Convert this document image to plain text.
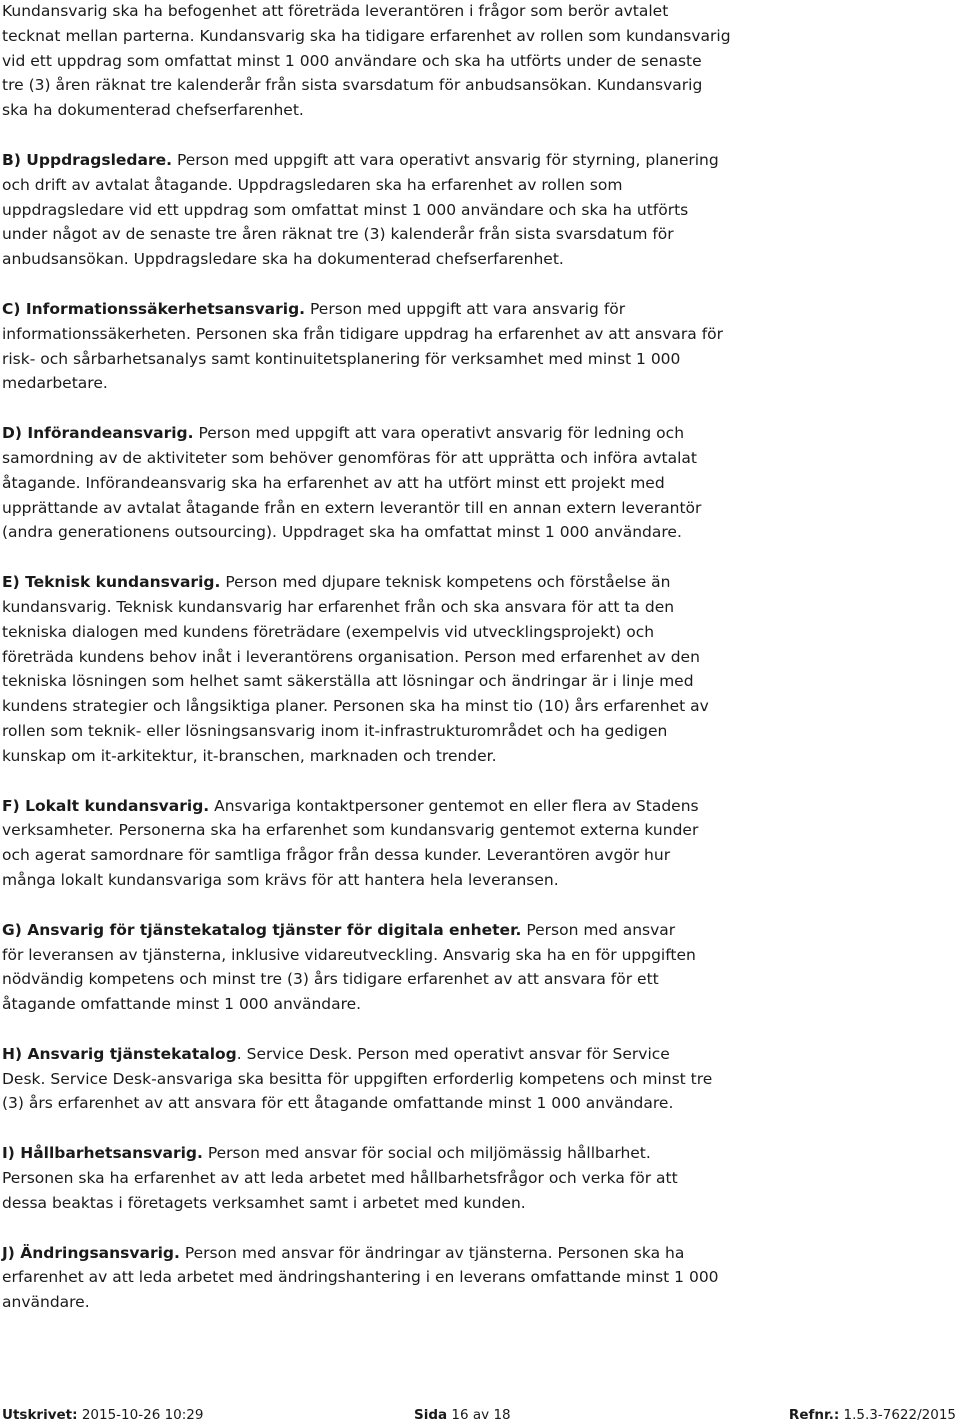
Kundansvarig ska ha befogenhet att företräda leverantören i frågor som berör avtalet
tecknat mellan parterna. Kundansvarig ska ha tidigare erfarenhet av rollen som kundansvarig
vid ett uppdrag som omfattat minst 1 000 användare och ska ha utförts under de senaste
tre (3) åren räknat tre kalenderår från sista svarsdatum för anbudsansökan. Kundansvarig
ska ha dokumenterad chefserfarenhet.

B) Uppdragsledare. Person med uppgift att vara operativt ansvarig för styrning, planering
och drift av avtalat åtagande. Uppdragsledaren ska ha erfarenhet av rollen som
uppdragsledare vid ett uppdrag som omfattat minst 1 000 användare och ska ha utförts
under något av de senaste tre åren räknat tre (3) kalenderår från sista svarsdatum för
anbudsansökan. Uppdragsledare ska ha dokumenterad chefserfarenhet.

C) Informationssäkerhetsansvarig. Person med uppgift att vara ansvarig för
informationssäkerheten. Personen ska från tidigare uppdrag ha erfarenhet av att ansvara för
risk- och sårbarhetsanalys samt kontinuitetsplanering för verksamhet med minst 1 000
medarbetare.

D) Införandeansvarig. Person med uppgift att vara operativt ansvarig för ledning och
samordning av de aktiviteter som behöver genomföras för att upprätta och införa avtalat
åtagande. Införandeansvarig ska ha erfarenhet av att ha utfört minst ett projekt med
upprättande av avtalat åtagande från en extern leverantör till en annan extern leverantör
(andra generationens outsourcing). Uppdraget ska ha omfattat minst 1 000 användare.

E) Teknisk kundansvarig. Person med djupare teknisk kompetens och förståelse än
kundansvarig. Teknisk kundansvarig har erfarenhet från och ska ansvara för att ta den
tekniska dialogen med kundens företrädare (exempelvis vid utvecklingsprojekt) och
företräda kundens behov inåt i leverantörens organisation. Person med erfarenhet av den
tekniska lösningen som helhet samt säkerställa att lösningar och ändringar är i linje med
kundens strategier och långsiktiga planer. Personen ska ha minst tio (10) års erfarenhet av
rollen som teknik- eller lösningsansvarig inom it-infrastrukturområdet och ha gedigen
kunskap om it-arkitektur, it-branschen, marknaden och trender.

F) Lokalt kundansvarig. Ansvariga kontaktpersoner gentemot en eller flera av Stadens
verksamheter. Personerna ska ha erfarenhet som kundansvarig gentemot externa kunder
och agerat samordnare för samtliga frågor från dessa kunder. Leverantören avgör hur
många lokalt kundansvariga som krävs för att hantera hela leveransen.

G) Ansvarig för tjänstekatalog tjänster för digitala enheter. Person med ansvar
för leveransen av tjänsterna, inklusive vidareutveckling. Ansvarig ska ha en för uppgiften
nödvändig kompetens och minst tre (3) års tidigare erfarenhet av att ansvara för ett
åtagande omfattande minst 1 000 användare.

H) Ansvarig tjänstekatalog. Service Desk. Person med operativt ansvar för Service
Desk. Service Desk-ansvariga ska besitta för uppgiften erforderlig kompetens och minst tre
(3) års erfarenhet av att ansvara för ett åtagande omfattande minst 1 000 användare.

I) Hållbarhetsansvarig. Person med ansvar för social och miljömässig hållbarhet.
Personen ska ha erfarenhet av att leda arbetet med hållbarhetsfrågor och verka för att
dessa beaktas i företagets verksamhet samt i arbetet med kunden.

J) Ändringsansvarig. Person med ansvar för ändringar av tjänsterna. Personen ska ha
erfarenhet av att leda arbetet med ändringshantering i en leverans omfattande minst 1 000
användare.

Utskrivet: 2015-10-26 10:29	Sida 16 av 18	Refnr.: 1.5.3-7622/2015
